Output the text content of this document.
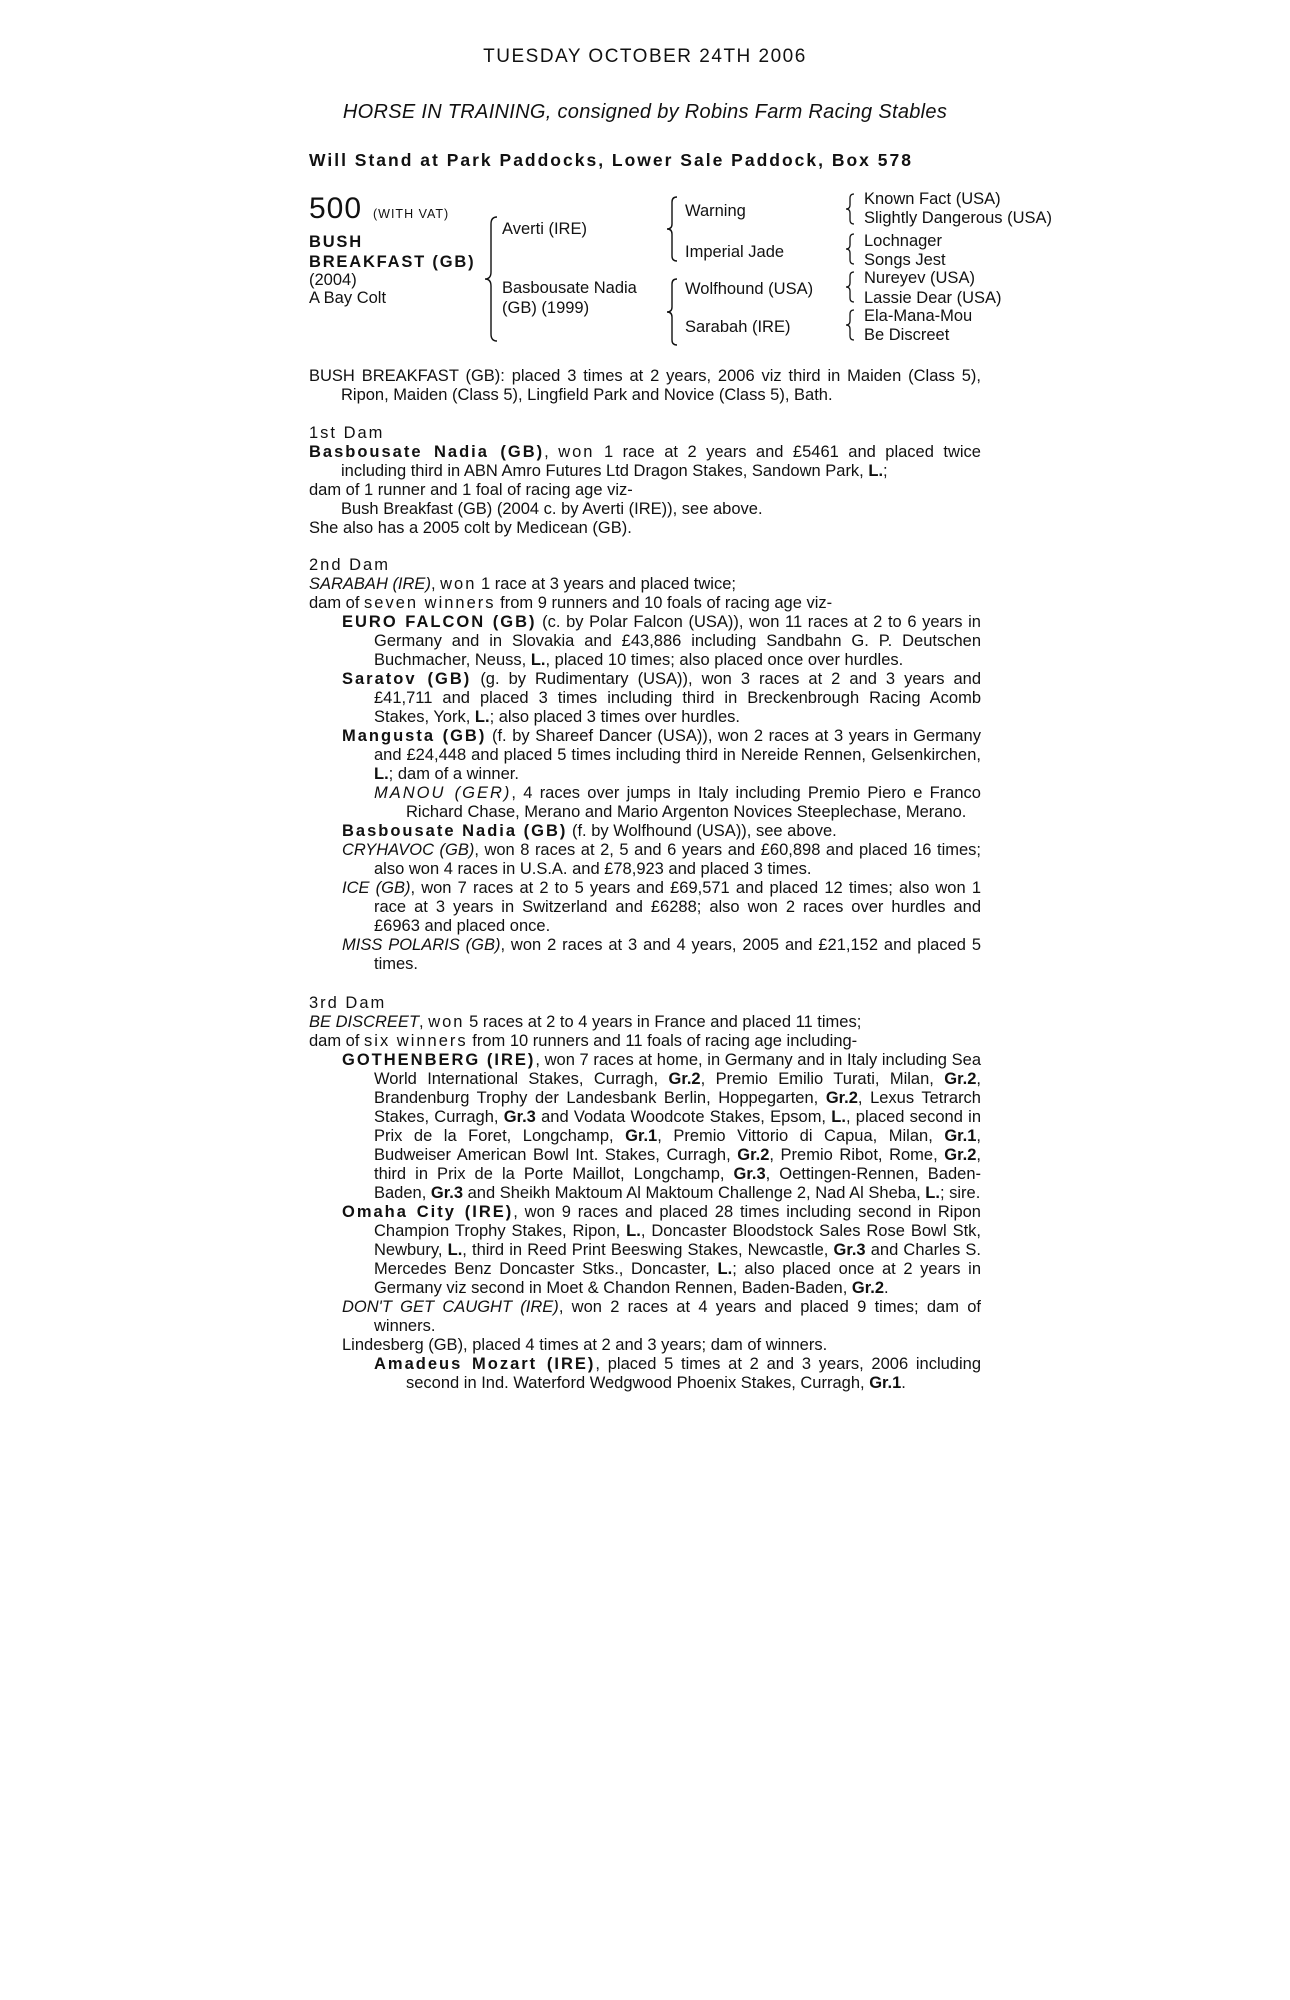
TUESDAY OCTOBER 24TH 2006
HORSE IN TRAINING, consigned by Robins Farm Racing Stables
Will Stand at Park Paddocks, Lower Sale Paddock, Box 578
500 (WITH VAT)
BUSH BREAKFAST (GB)
(2004)
A Bay Colt
Averti (IRE)
Basbousate Nadia (GB) (1999)
Warning
Imperial Jade
Wolfhound (USA)
Sarabah (IRE)
Known Fact (USA)
Slightly Dangerous (USA)
Lochnager
Songs Jest
Nureyev (USA)
Lassie Dear (USA)
Ela-Mana-Mou
Be Discreet

BUSH BREAKFAST (GB): placed 3 times at 2 years, 2006 viz third in Maiden (Class 5), Ripon, Maiden (Class 5), Lingfield Park and Novice (Class 5), Bath.

1st Dam

Basbousate Nadia (GB), won 1 race at 2 years and £5461 and placed twice including third in ABN Amro Futures Ltd Dragon Stakes, Sandown Park, L.;

dam of 1 runner and 1 foal of racing age viz-

Bush Breakfast (GB) (2004 c. by Averti (IRE)), see above.

She also has a 2005 colt by Medicean (GB).

2nd Dam

SARABAH (IRE), won 1 race at 3 years and placed twice;

dam of seven winners from 9 runners and 10 foals of racing age viz-

EURO FALCON (GB) (c. by Polar Falcon (USA)), won 11 races at 2 to 6 years in Germany and in Slovakia and £43,886 including Sandbahn G. P. Deutschen Buchmacher, Neuss, L., placed 10 times; also placed once over hurdles.

Saratov (GB) (g. by Rudimentary (USA)), won 3 races at 2 and 3 years and £41,711 and placed 3 times including third in Breckenbrough Racing Acomb Stakes, York, L.; also placed 3 times over hurdles.

Mangusta (GB) (f. by Shareef Dancer (USA)), won 2 races at 3 years in Germany and £24,448 and placed 5 times including third in Nereide Rennen, Gelsenkirchen, L.; dam of a winner.

MANOU (GER), 4 races over jumps in Italy including Premio Piero e Franco Richard Chase, Merano and Mario Argenton Novices Steeplechase, Merano.

Basbousate Nadia (GB) (f. by Wolfhound (USA)), see above.

CRYHAVOC (GB), won 8 races at 2, 5 and 6 years and £60,898 and placed 16 times; also won 4 races in U.S.A. and £78,923 and placed 3 times.

ICE (GB), won 7 races at 2 to 5 years and £69,571 and placed 12 times; also won 1 race at 3 years in Switzerland and £6288; also won 2 races over hurdles and £6963 and placed once.

MISS POLARIS (GB), won 2 races at 3 and 4 years, 2005 and £21,152 and placed 5 times.

3rd Dam

BE DISCREET, won 5 races at 2 to 4 years in France and placed 11 times;

dam of six winners from 10 runners and 11 foals of racing age including-

GOTHENBERG (IRE), won 7 races at home, in Germany and in Italy including Sea World International Stakes, Curragh, Gr.2, Premio Emilio Turati, Milan, Gr.2, Brandenburg Trophy der Landesbank Berlin, Hoppegarten, Gr.2, Lexus Tetrarch Stakes, Curragh, Gr.3 and Vodata Woodcote Stakes, Epsom, L., placed second in Prix de la Foret, Longchamp, Gr.1, Premio Vittorio di Capua, Milan, Gr.1, Budweiser American Bowl Int. Stakes, Curragh, Gr.2, Premio Ribot, Rome, Gr.2, third in Prix de la Porte Maillot, Longchamp, Gr.3, Oettingen-Rennen, Baden-Baden, Gr.3 and Sheikh Maktoum Al Maktoum Challenge 2, Nad Al Sheba, L.; sire.

Omaha City (IRE), won 9 races and placed 28 times including second in Ripon Champion Trophy Stakes, Ripon, L., Doncaster Bloodstock Sales Rose Bowl Stk, Newbury, L., third in Reed Print Beeswing Stakes, Newcastle, Gr.3 and Charles S. Mercedes Benz Doncaster Stks., Doncaster, L.; also placed once at 2 years in Germany viz second in Moet & Chandon Rennen, Baden-Baden, Gr.2.

DON'T GET CAUGHT (IRE), won 2 races at 4 years and placed 9 times; dam of winners.

Lindesberg (GB), placed 4 times at 2 and 3 years; dam of winners.

Amadeus Mozart (IRE), placed 5 times at 2 and 3 years, 2006 including second in Ind. Waterford Wedgwood Phoenix Stakes, Curragh, Gr.1.
